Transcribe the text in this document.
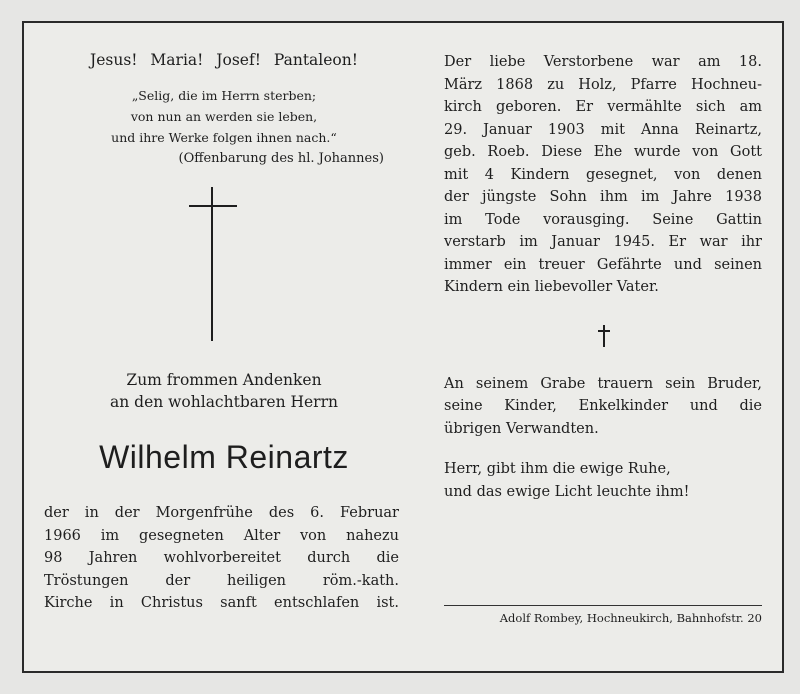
Jesus! Maria! Josef! Pantaleon!

„Selig, die im Herrn sterben;
von nun an werden sie leben,
und ihre Werke folgen ihnen nach.“
(Offenbarung des hl. Johannes)
Zum frommen Andenken
an den wohlachtbaren Herrn
Wilhelm Reinartz
der in der Morgenfrühe des 6. Februar
1966 im gesegneten Alter von nahezu
98 Jahren wohlvorbereitet durch die
Tröstungen der heiligen röm.-kath.
Kirche in Christus sanft entschlafen ist.
Der liebe Verstorbene war am 18.
März 1868 zu Holz, Pfarre Hochneu-
kirch geboren. Er vermählte sich am
29. Januar 1903 mit Anna Reinartz,
geb. Roeb. Diese Ehe wurde von Gott
mit 4 Kindern gesegnet, von denen
der jüngste Sohn ihm im Jahre 1938
im Tode vorausging. Seine Gattin
verstarb im Januar 1945. Er war ihr
immer ein treuer Gefährte und seinen
Kindern ein liebevoller Vater.
An seinem Grabe trauern sein Bruder,
seine Kinder, Enkelkinder und die
übrigen Verwandten.
Herr, gibt ihm die ewige Ruhe,
und das ewige Licht leuchte ihm!
Adolf Rombey, Hochneukirch, Bahnhofstr. 20
